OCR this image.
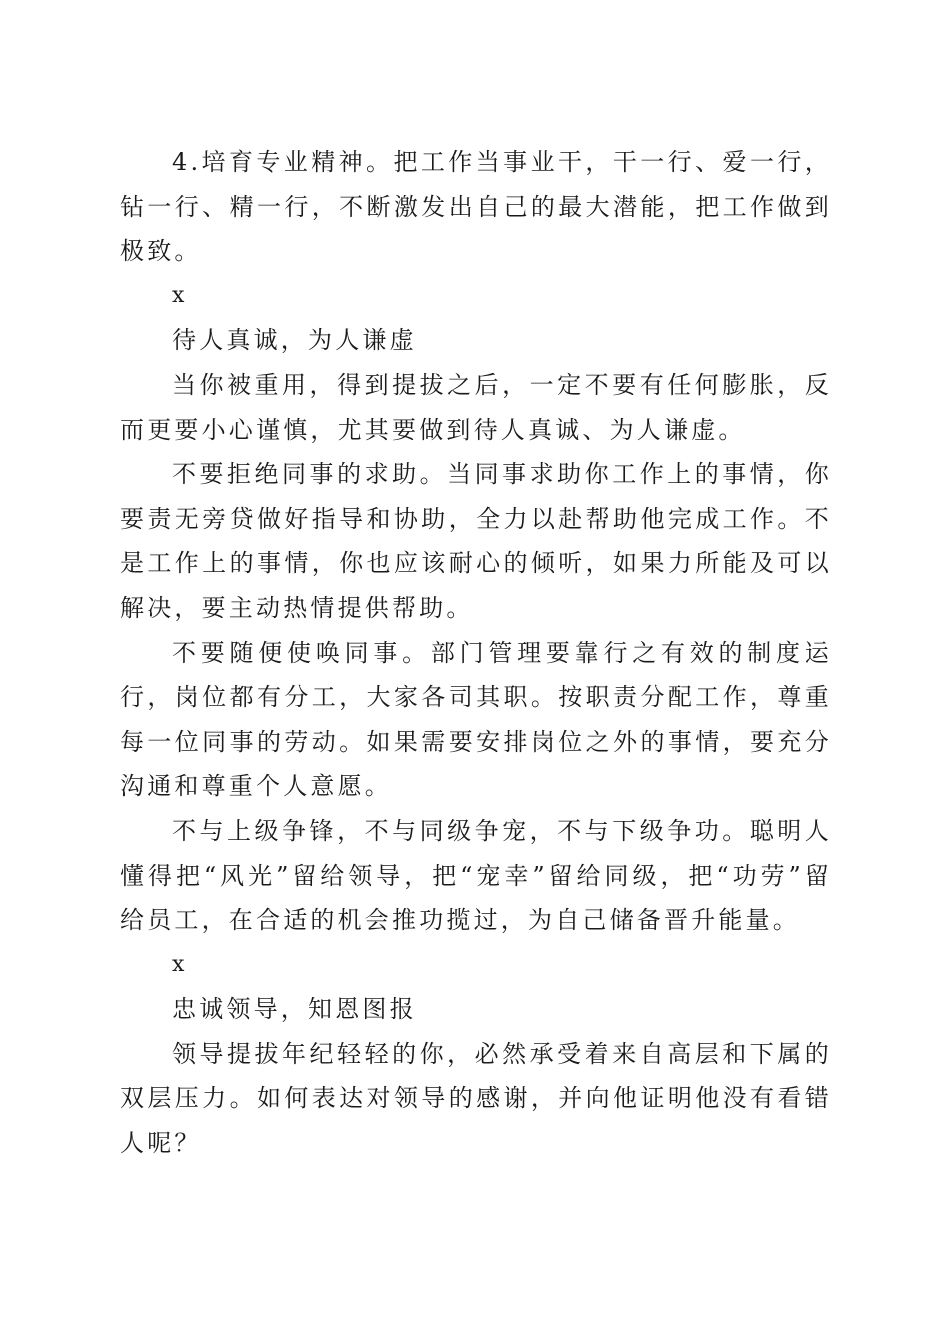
4.培育专业精神。把工作当事业干，干一行、爱一行，钻一行、精一行，不断激发出自己的最大潜能，把工作做到极致。

x

待人真诚，为人谦虚

当你被重用，得到提拔之后，一定不要有任何膨胀，反而更要小心谨慎，尤其要做到待人真诚、为人谦虚。

不要拒绝同事的求助。当同事求助你工作上的事情，你要责无旁贷做好指导和协助，全力以赴帮助他完成工作。不是工作上的事情，你也应该耐心的倾听，如果力所能及可以解决，要主动热情提供帮助。

不要随便使唤同事。部门管理要靠行之有效的制度运行，岗位都有分工，大家各司其职。按职责分配工作，尊重每一位同事的劳动。如果需要安排岗位之外的事情，要充分沟通和尊重个人意愿。

不与上级争锋，不与同级争宠，不与下级争功。聪明人懂得把“风光”留给领导，把“宠幸”留给同级，把“功劳”留给员工，在合适的机会推功揽过，为自己储备晋升能量。

x

忠诚领导，知恩图报

领导提拔年纪轻轻的你，必然承受着来自高层和下属的双层压力。如何表达对领导的感谢，并向他证明他没有看错人呢？
